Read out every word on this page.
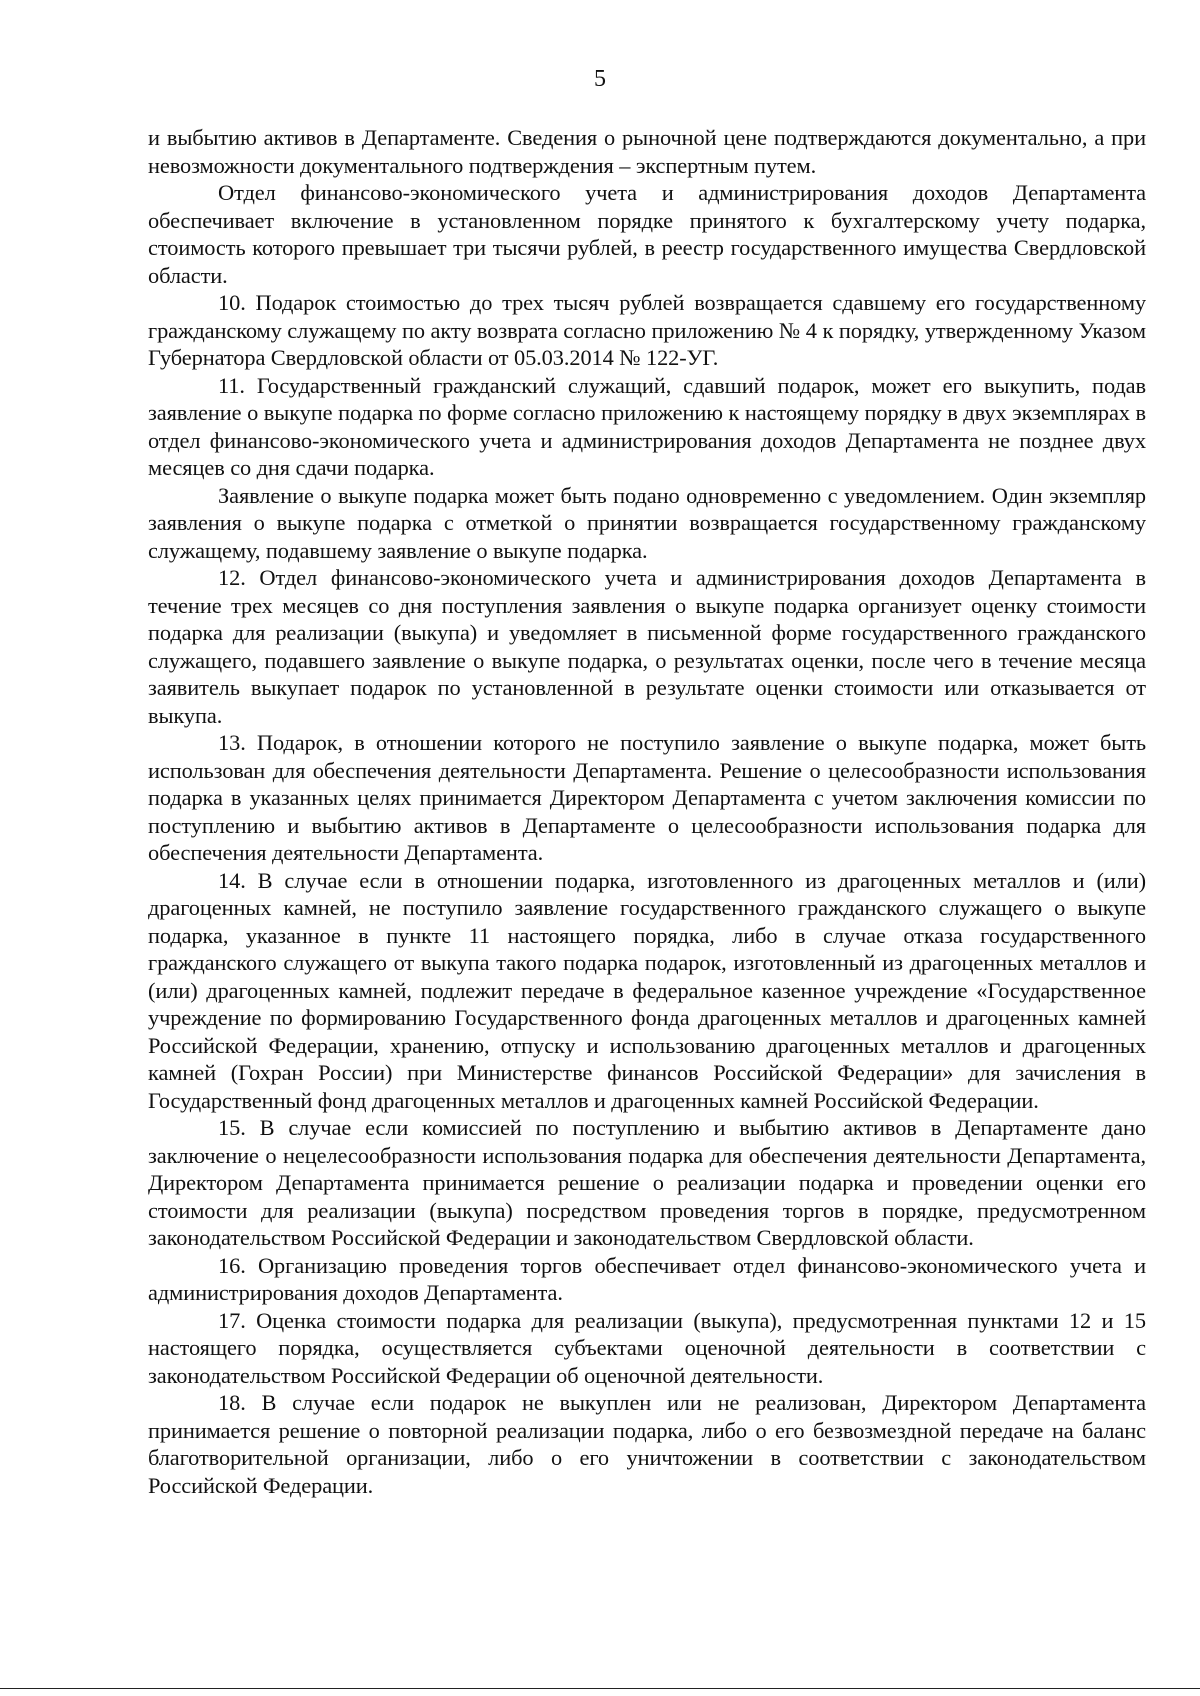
5

и выбытию активов в Департаменте. Сведения о рыночной цене подтверждаются документально, а при невозможности документального подтверждения – экспертным путем.

Отдел финансово-экономического учета и администрирования доходов Департамента обеспечивает включение в установленном порядке принятого к бухгалтерскому учету подарка, стоимость которого превышает три тысячи рублей, в реестр государственного имущества Свердловской области.

10. Подарок стоимостью до трех тысяч рублей возвращается сдавшему его государственному гражданскому служащему по акту возврата согласно приложению № 4 к порядку, утвержденному Указом Губернатора Свердловской области от 05.03.2014 № 122-УГ.

11. Государственный гражданский служащий, сдавший подарок, может его выкупить, подав заявление о выкупе подарка по форме согласно приложению к настоящему порядку в двух экземплярах в отдел финансово-экономического учета и администрирования доходов Департамента не позднее двух месяцев со дня сдачи подарка.

Заявление о выкупе подарка может быть подано одновременно с уведомлением. Один экземпляр заявления о выкупе подарка с отметкой о принятии возвращается государственному гражданскому служащему, подавшему заявление о выкупе подарка.

12. Отдел финансово-экономического учета и администрирования доходов Департамента в течение трех месяцев со дня поступления заявления о выкупе подарка организует оценку стоимости подарка для реализации (выкупа) и уведомляет в письменной форме государственного гражданского служащего, подавшего заявление о выкупе подарка, о результатах оценки, после чего в течение месяца заявитель выкупает подарок по установленной в результате оценки стоимости или отказывается от выкупа.

13. Подарок, в отношении которого не поступило заявление о выкупе подарка, может быть использован для обеспечения деятельности Департамента. Решение о целесообразности использования подарка в указанных целях принимается Директором Департамента с учетом заключения комиссии по поступлению и выбытию активов в Департаменте о целесообразности использования подарка для обеспечения деятельности Департамента.

14. В случае если в отношении подарка, изготовленного из драгоценных металлов и (или) драгоценных камней, не поступило заявление государственного гражданского служащего о выкупе подарка, указанное в пункте 11 настоящего порядка, либо в случае отказа государственного гражданского служащего от выкупа такого подарка подарок, изготовленный из драгоценных металлов и (или) драгоценных камней, подлежит передаче в федеральное казенное учреждение «Государственное учреждение по формированию Государственного фонда драгоценных металлов и драгоценных камней Российской Федерации, хранению, отпуску и использованию драгоценных металлов и драгоценных камней (Гохран России) при Министерстве финансов Российской Федерации» для зачисления в Государственный фонд драгоценных металлов и драгоценных камней Российской Федерации.

15. В случае если комиссией по поступлению и выбытию активов в Департаменте дано заключение о нецелесообразности использования подарка для обеспечения деятельности Департамента, Директором Департамента принимается решение о реализации подарка и проведении оценки его стоимости для реализации (выкупа) посредством проведения торгов в порядке, предусмотренном законодательством Российской Федерации и законодательством Свердловской области.

16. Организацию проведения торгов обеспечивает отдел финансово-экономического учета и администрирования доходов Департамента.

17. Оценка стоимости подарка для реализации (выкупа), предусмотренная пунктами 12 и 15 настоящего порядка, осуществляется субъектами оценочной деятельности в соответствии с законодательством Российской Федерации об оценочной деятельности.

18. В случае если подарок не выкуплен или не реализован, Директором Департамента принимается решение о повторной реализации подарка, либо о его безвозмездной передаче на баланс благотворительной организации, либо о его уничтожении в соответствии с законодательством Российской Федерации.
